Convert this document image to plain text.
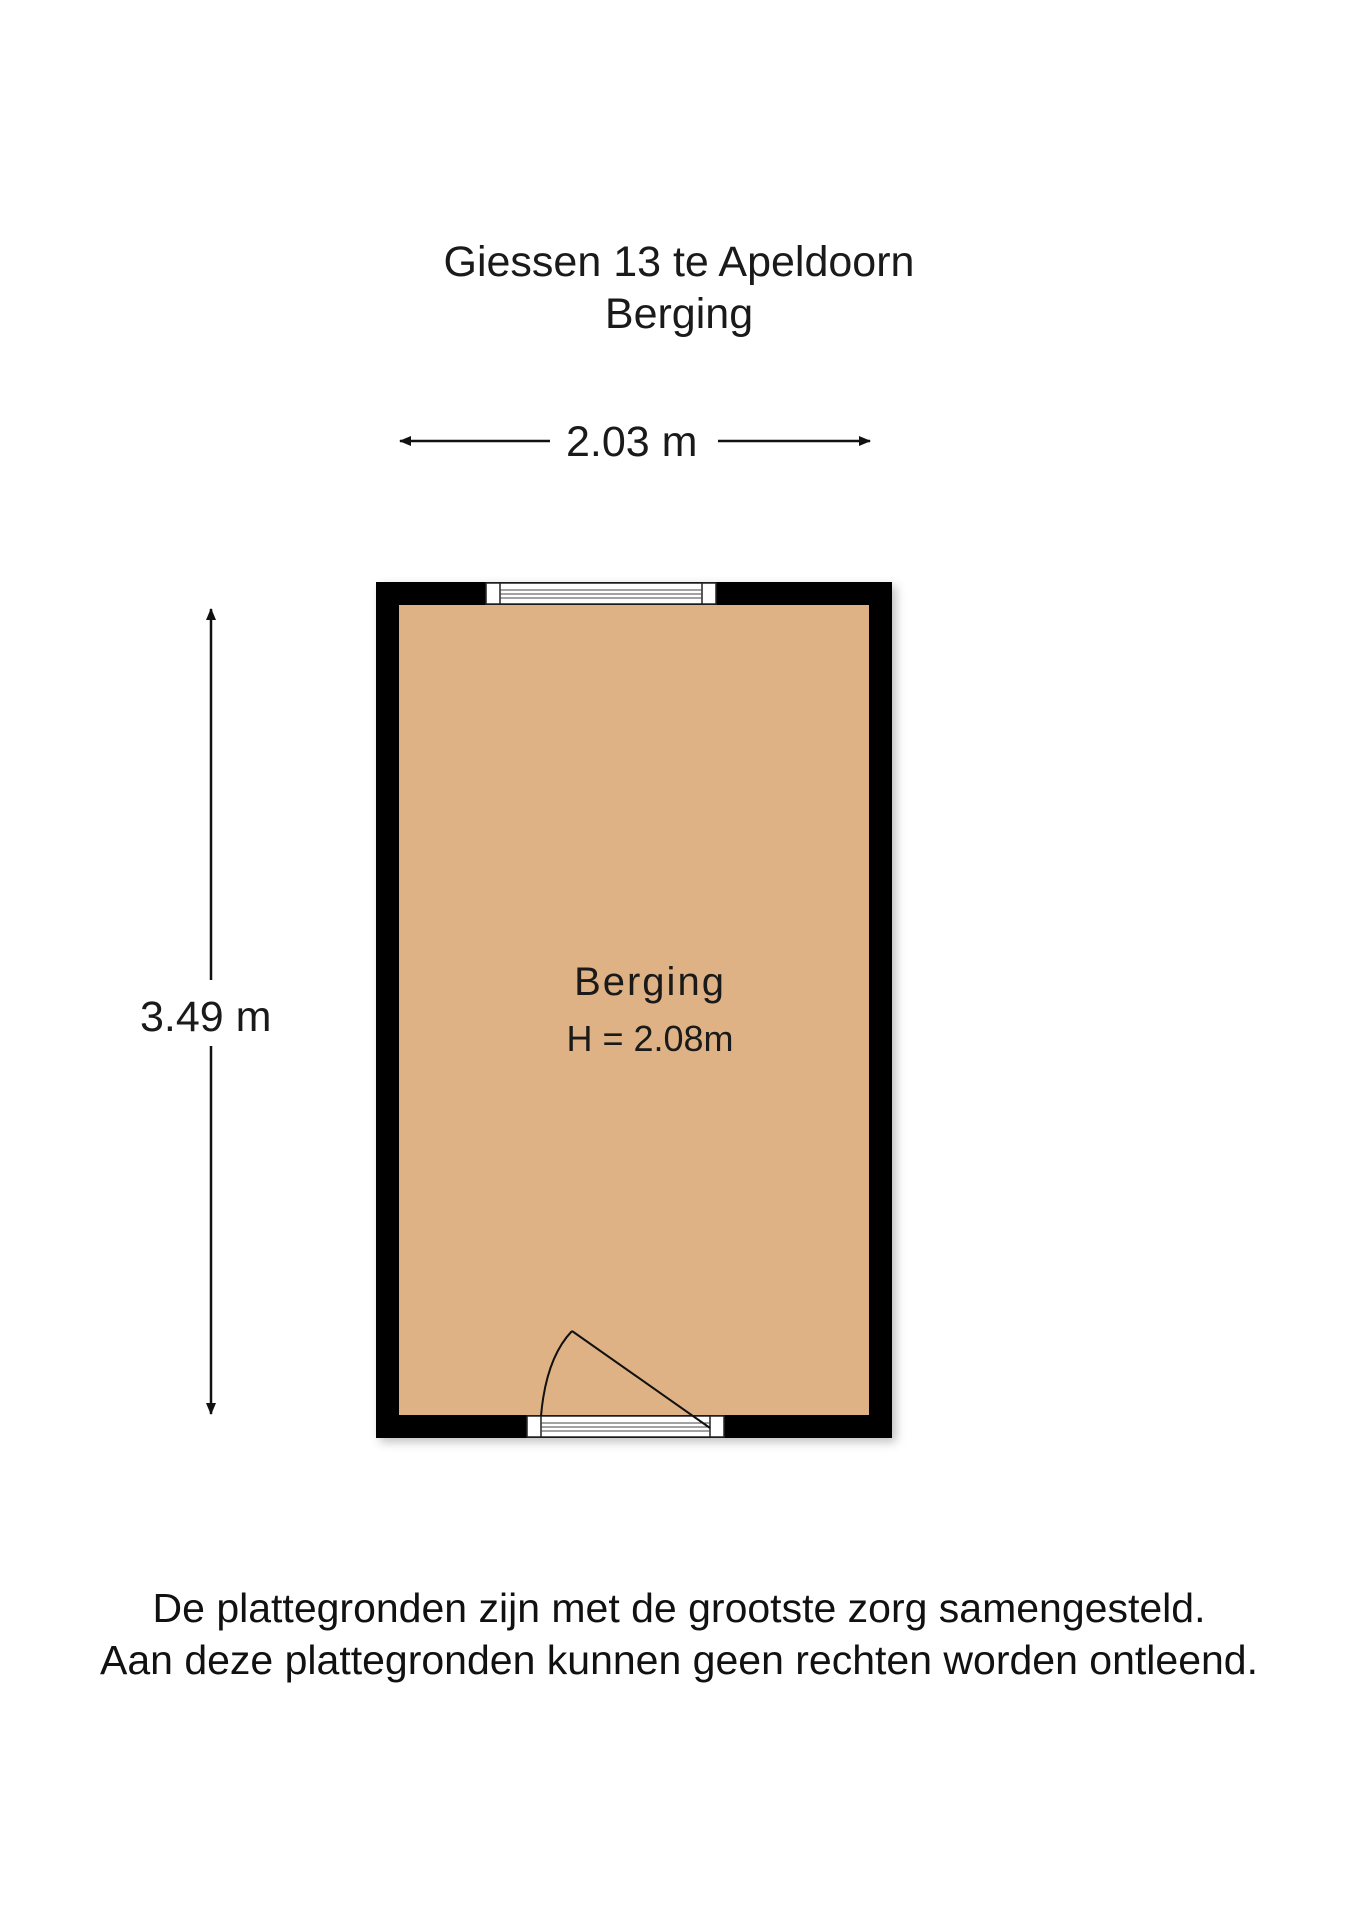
Giessen 13 te Apeldoorn
Berging
2.03 m
3.49 m
Berging
H = 2.08m
De plattegronden zijn met de grootste zorg samengesteld.
Aan deze plattegronden kunnen geen rechten worden ontleend.
